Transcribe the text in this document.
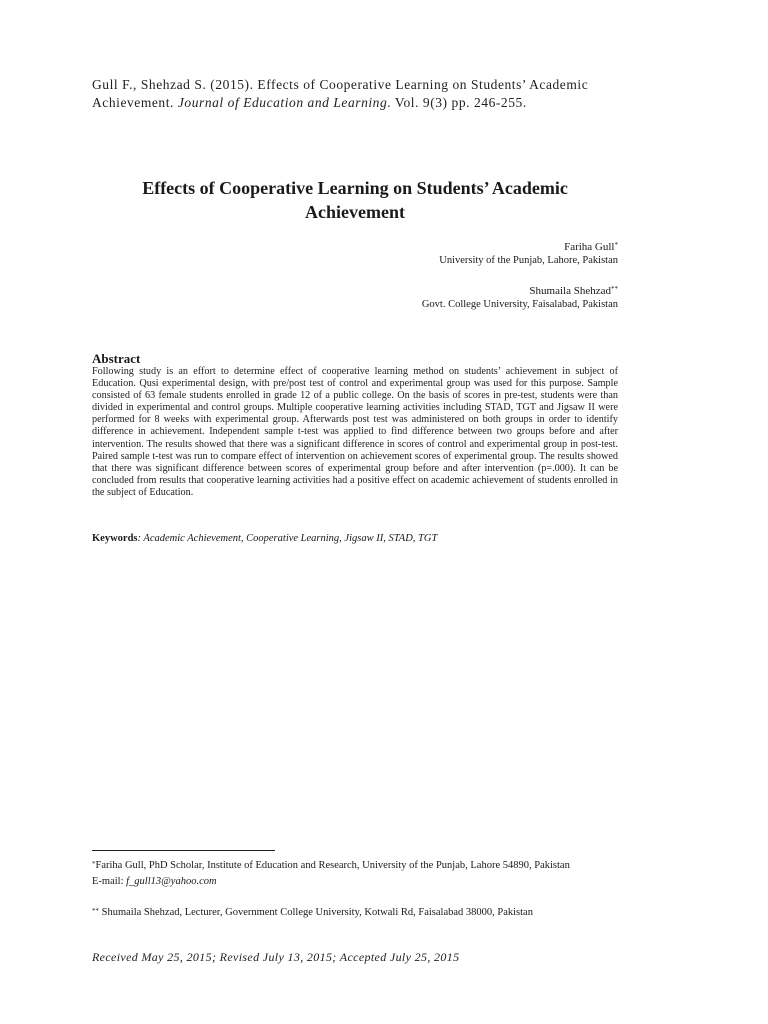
Gull F., Shehzad S. (2015). Effects of Cooperative Learning on Students’ Academic Achievement. Journal of Education and Learning. Vol. 9(3) pp. 246-255.
Effects of Cooperative Learning on Students’ Academic
Achievement
Fariha Gull*
University of the Punjab, Lahore, Pakistan
Shumaila Shehzad**
Govt. College University, Faisalabad, Pakistan
Abstract
Following study is an effort to determine effect of cooperative learning method on students’ achievement in subject of Education. Qusi experimental design, with pre/post test of control and experimental group was used for this purpose. Sample consisted of 63 female students enrolled in grade 12 of a public college. On the basis of scores in pre-test, students were than divided in experimental and control groups. Multiple cooperative learning activities including STAD, TGT and Jigsaw II were performed for 8 weeks with experimental group. Afterwards post test was administered on both groups in order to identify difference in achievement. Independent sample t-test was applied to find difference between two groups before and after intervention. The results showed that there was a significant difference in scores of control and experimental group in post-test. Paired sample t-test was run to compare effect of intervention on achievement scores of experimental group. The results showed that there was significant difference between scores of experimental group before and after intervention (p=.000). It can be concluded from results that cooperative learning activities had a positive effect on academic achievement of students enrolled in the subject of Education.
Keywords: Academic Achievement, Cooperative Learning, Jigsaw II, STAD, TGT
*Fariha Gull, PhD Scholar, Institute of Education and Research, University of the Punjab, Lahore 54890, Pakistan
E-mail: f_gull13@yahoo.com
** Shumaila Shehzad, Lecturer, Government College University, Kotwali Rd, Faisalabad 38000, Pakistan
Received May 25, 2015; Revised July 13, 2015; Accepted July 25, 2015
